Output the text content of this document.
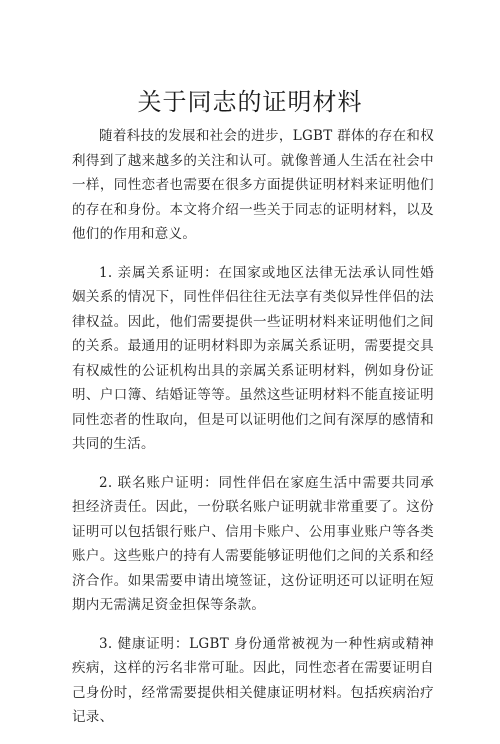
关于同志的证明材料

随着科技的发展和社会的进步，LGBT 群体的存在和权利得到了越来越多的关注和认可。就像普通人生活在社会中一样，同性恋者也需要在很多方面提供证明材料来证明他们的存在和身份。本文将介绍一些关于同志的证明材料，以及他们的作用和意义。

1. 亲属关系证明：在国家或地区法律无法承认同性婚姻关系的情况下，同性伴侣往往无法享有类似异性伴侣的法律权益。因此，他们需要提供一些证明材料来证明他们之间的关系。最通用的证明材料即为亲属关系证明，需要提交具有权威性的公证机构出具的亲属关系证明材料，例如身份证明、户口簿、结婚证等等。虽然这些证明材料不能直接证明同性恋者的性取向，但是可以证明他们之间有深厚的感情和共同的生活。

2. 联名账户证明：同性伴侣在家庭生活中需要共同承担经济责任。因此，一份联名账户证明就非常重要了。这份证明可以包括银行账户、信用卡账户、公用事业账户等各类账户。这些账户的持有人需要能够证明他们之间的关系和经济合作。如果需要申请出境签证，这份证明还可以证明在短期内无需满足资金担保等条款。

3. 健康证明：LGBT 身份通常被视为一种性病或精神疾病，这样的污名非常可耻。因此，同性恋者在需要证明自己身份时，经常需要提供相关健康证明材料。包括疾病治疗记录、
